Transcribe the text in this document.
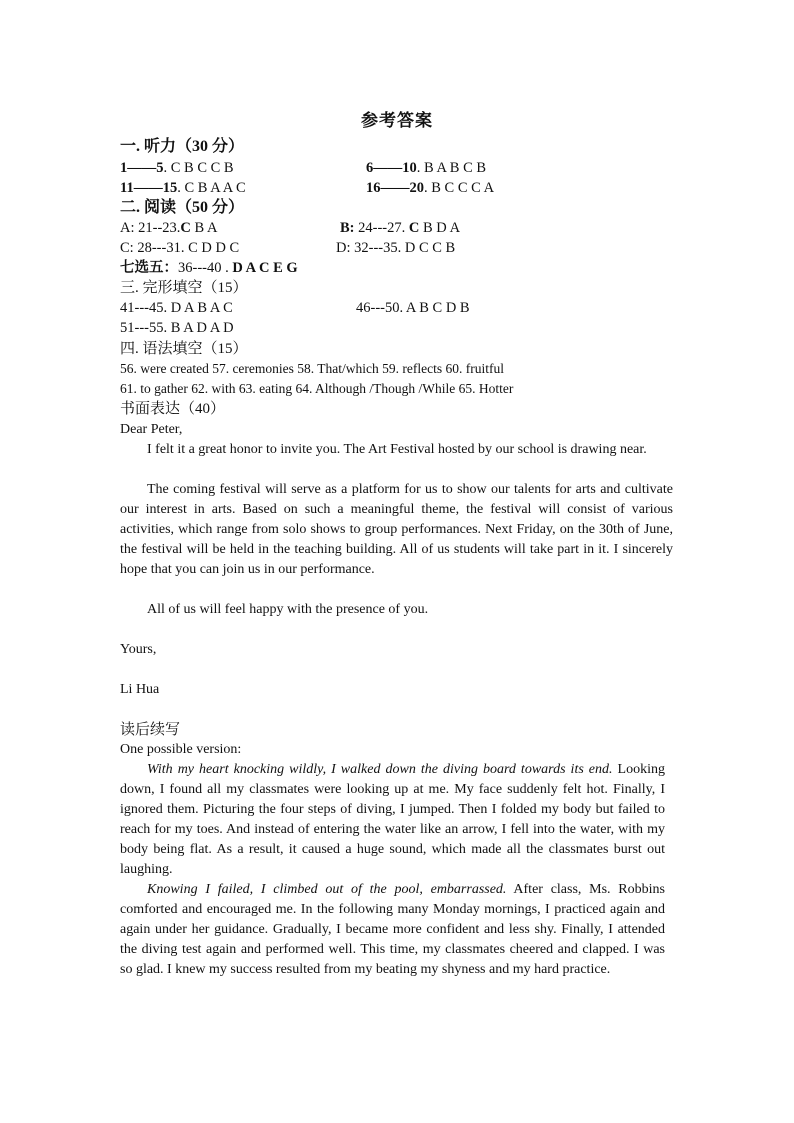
参考答案
一. 听力（30 分）
1——5. C B C C B	6——10. B A B C B
11——15. C B A A C	16——20. B C C C A
二. 阅读（50 分）
A: 21--23.C B A	B: 24---27. C B D A
C: 28---31. C D D C	D: 32---35. D C C B
七选五：36---40 . D A C E G
三. 完形填空（15）
41---45. D A B A C	46---50. A B C D B
51---55. B A D A D
四. 语法填空（15）
56. were created 57. ceremonies 58. That/which 59. reflects 60. fruitful
61. to gather 62. with 63. eating 64. Although /Though /While 65. Hotter
书面表达（40）
Dear Peter,
I felt it a great honor to invite you. The Art Festival hosted by our school is drawing near.
The coming festival will serve as a platform for us to show our talents for arts and cultivate our interest in arts. Based on such a meaningful theme, the festival will consist of various activities, which range from solo shows to group performances. Next Friday, on the 30th of June, the festival will be held in the teaching building. All of us students will take part in it. I sincerely hope that you can join us in our performance.
All of us will feel happy with the presence of you.
Yours,
Li Hua
读后续写
One possible version:
With my heart knocking wildly, I walked down the diving board towards its end. Looking down, I found all my classmates were looking up at me. My face suddenly felt hot. Finally, I ignored them. Picturing the four steps of diving, I jumped. Then I folded my body but failed to reach for my toes. And instead of entering the water like an arrow, I fell into the water, with my body being flat. As a result, it caused a huge sound, which made all the classmates burst out laughing.
Knowing I failed, I climbed out of the pool, embarrassed. After class, Ms. Robbins comforted and encouraged me. In the following many Monday mornings, I practiced again and again under her guidance. Gradually, I became more confident and less shy. Finally, I attended the diving test again and performed well. This time, my classmates cheered and clapped. I was so glad. I knew my success resulted from my beating my shyness and my hard practice.
